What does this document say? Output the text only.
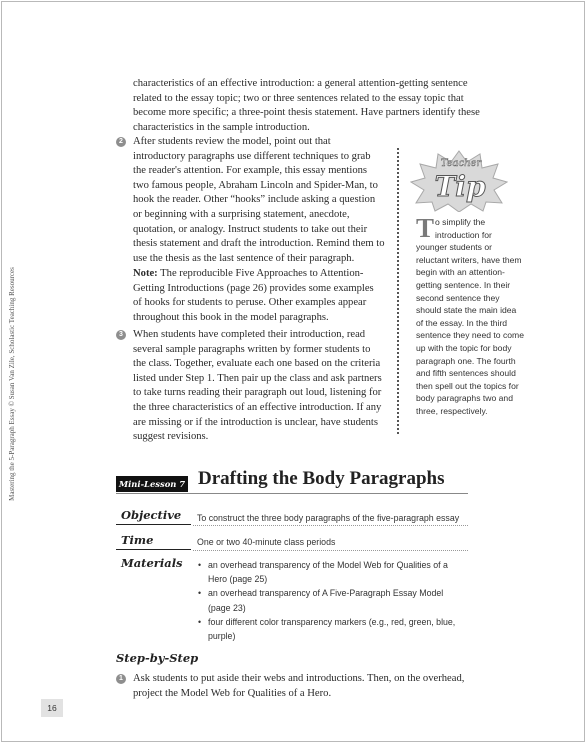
Mastering the 5-Paragraph Essay © Susan Van Zile, Scholastic Teaching Resources
characteristics of an effective introduction: a general attention-getting sentence related to the essay topic; two or three sentences related to the essay topic that become more specific; a three-point thesis statement. Have partners identify these characteristics in the sample introduction.
2 After students review the model, point out that introductory paragraphs use different techniques to grab the reader's attention. For example, this essay mentions two famous people, Abraham Lincoln and Spider-Man, to hook the reader. Other “hooks” include asking a question or beginning with a surprising statement, anecdote, quotation, or analogy. Instruct students to take out their thesis statement and draft the introduction. Remind them to use the thesis as the last sentence of their paragraph.
Note: The reproducible Five Approaches to Attention-Getting Introductions (page 26) provides some examples of hooks for students to peruse. Other examples appear throughout this book in the model paragraphs.
3 When students have completed their introduction, read several sample paragraphs written by former students to the class. Together, evaluate each one based on the criteria listed under Step 1. Then pair up the class and ask partners to take turns reading their paragraph out loud, listening for the three characteristics of an effective introduction. If any are missing or if the introduction is unclear, have students suggest revisions.
Teacher
Tip
To simplify the introduction for younger students or reluctant writers, have them begin with an attention-getting sentence. In their second sentence they should state the main idea of the essay. In the third sentence they need to come up with the topic for body paragraph one. The fourth and fifth sentences should then spell out the topics for body paragraphs two and three, respectively.
Mini-Lesson 7 Drafting the Body Paragraphs
Objective To construct the three body paragraphs of the five-paragraph essay
Time	One or two 40-minute class periods
Materials
•	an overhead transparency of the Model Web for Qualities of a Hero (page 25)
• an overhead transparency of A Five-Paragraph Essay Model (page 23)
• four different color transparency markers (e.g., red, green, blue, purple)
Step-by-Step
1 Ask students to put aside their webs and introductions. Then, on the overhead, project the Model Web for Qualities of a Hero.
16
